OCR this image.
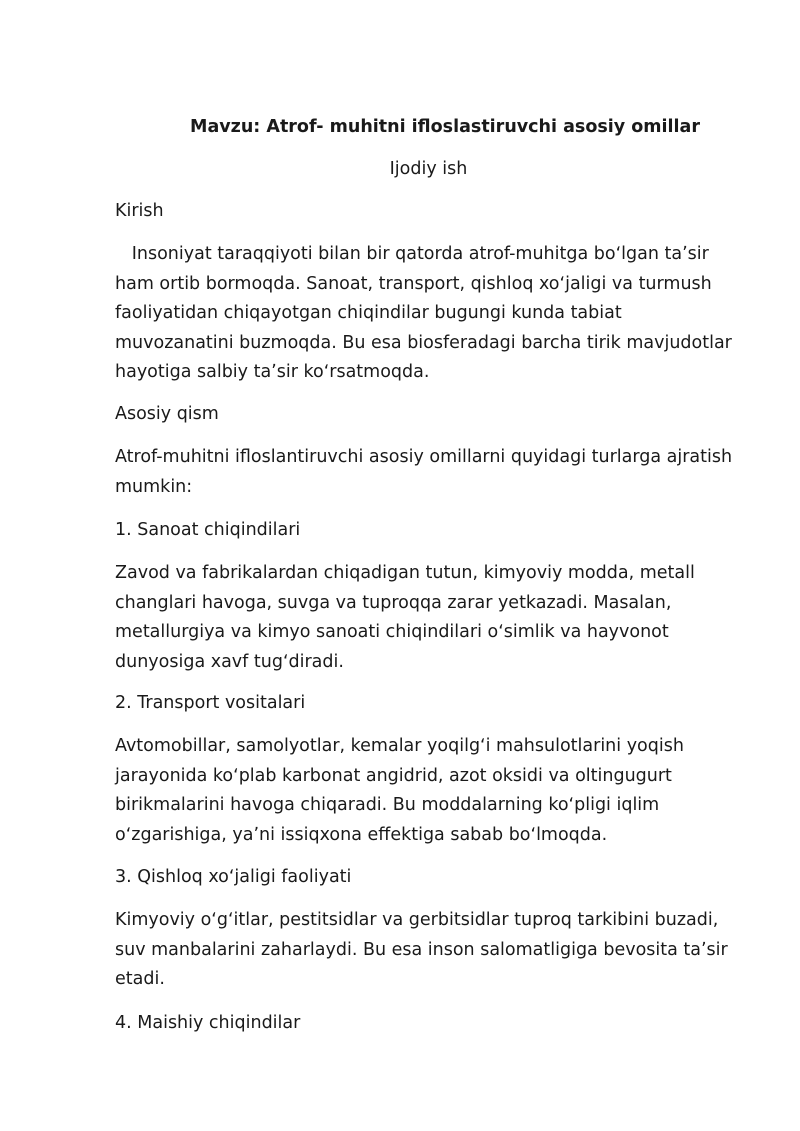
Mavzu: Atrof- muhitni ifloslastiruvchi asosiy omillar

Ijodiy ish

Kirish

Insoniyat taraqqiyoti bilan bir qatorda atrof-muhitga boʻlgan taʼsir ham ortib bormoqda. Sanoat, transport, qishloq xoʻjaligi va turmush faoliyatidan chiqayotgan chiqindilar bugungi kunda tabiat muvozanatini buzmoqda. Bu esa biosferadagi barcha tirik mavjudotlar hayotiga salbiy taʼsir koʻrsatmoqda.

Asosiy qism

Atrof-muhitni ifloslantiruvchi asosiy omillarni quyidagi turlarga ajratish mumkin:

1. Sanoat chiqindilari

Zavod va fabrikalardan chiqadigan tutun, kimyoviy modda, metall changlari havoga, suvga va tuproqqa zarar yetkazadi. Masalan, metallurgiya va kimyo sanoati chiqindilari oʻsimlik va hayvonot dunyosiga xavf tugʻdiradi.

2. Transport vositalari

Avtomobillar, samolyotlar, kemalar yoqilgʻi mahsulotlarini yoqish jarayonida koʻplab karbonat angidrid, azot oksidi va oltingugurt birikmalarini havoga chiqaradi. Bu moddalarning koʻpligi iqlim oʻzgarishiga, yaʼni issiqxona effektiga sabab boʻlmoqda.

3. Qishloq xoʻjaligi faoliyati

Kimyoviy oʻgʻitlar, pestitsidlar va gerbitsidlar tuproq tarkibini buzadi, suv manbalarini zaharlaydi. Bu esa inson salomatligiga bevosita taʼsir etadi.

4. Maishiy chiqindilar
